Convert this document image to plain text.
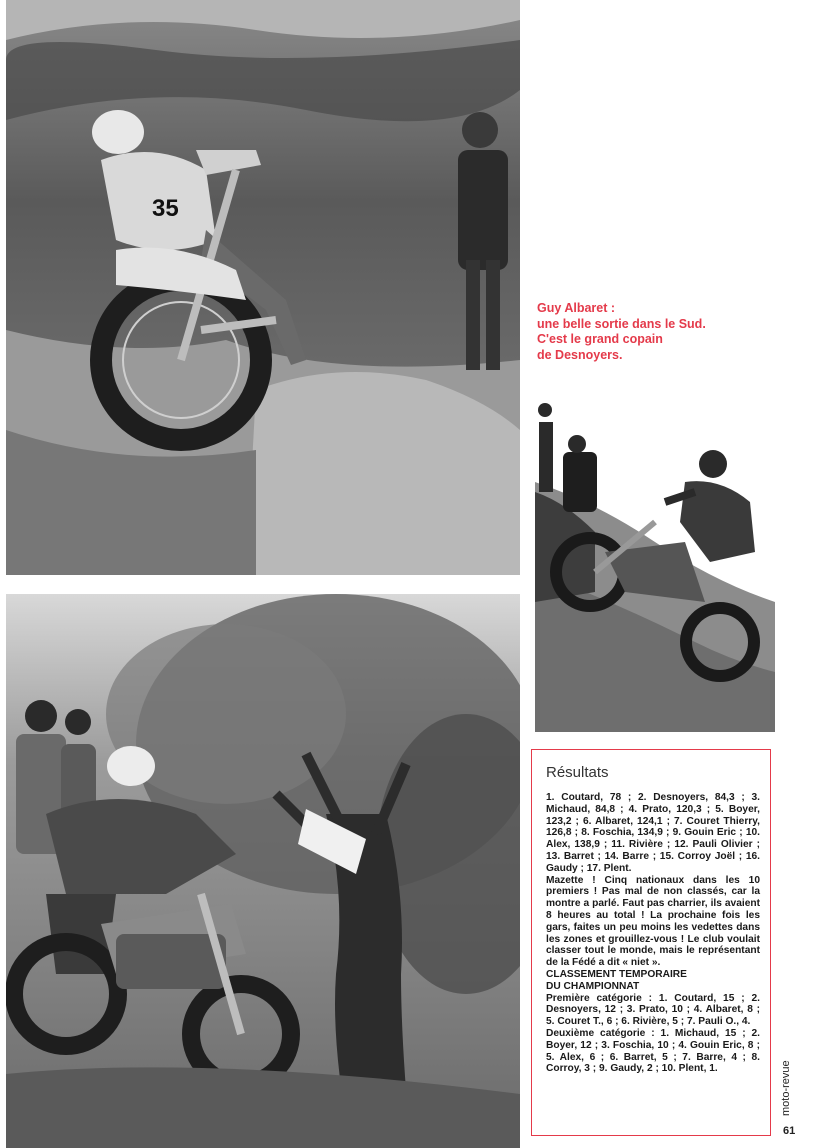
35
Guy Albaret :
une belle sortie dans le Sud.
C'est le grand copain
de Desnoyers.
Résultats

1. Coutard, 78 ; 2. Desnoyers, 84,3 ; 3. Michaud, 84,8 ; 4. Prato, 120,3 ; 5. Boyer, 123,2 ; 6. Albaret, 124,1 ; 7. Couret Thierry, 126,8 ; 8. Foschia, 134,9 ; 9. Gouin Eric ; 10. Alex, 138,9 ; 11. Rivière ; 12. Pauli Olivier ; 13. Barret ; 14. Barre ; 15. Corroy Joël ; 16. Gaudy ; 17. Plent.

Mazette ! Cinq nationaux dans les 10 premiers ! Pas mal de non classés, car la montre a parlé. Faut pas charrier, ils avaient 8 heures au total ! La prochaine fois les gars, faites un peu moins les vedettes dans les zones et grouillez-vous ! Le club voulait classer tout le monde, mais le représentant de la Fédé a dit « niet ».

CLASSEMENT TEMPORAIRE

DU CHAMPIONNAT

Première catégorie : 1. Coutard, 15 ; 2. Desnoyers, 12 ; 3. Prato, 10 ; 4. Albaret, 8 ; 5. Couret T., 6 ; 6. Rivière, 5 ; 7. Pauli O., 4.

Deuxième catégorie : 1. Michaud, 15 ; 2. Boyer, 12 ; 3. Foschia, 10 ; 4. Gouin Eric, 8 ; 5. Alex, 6 ; 6. Barret, 5 ; 7. Barre, 4 ; 8. Corroy, 3 ; 9. Gaudy, 2 ; 10. Plent, 1.	moto-revue
61
